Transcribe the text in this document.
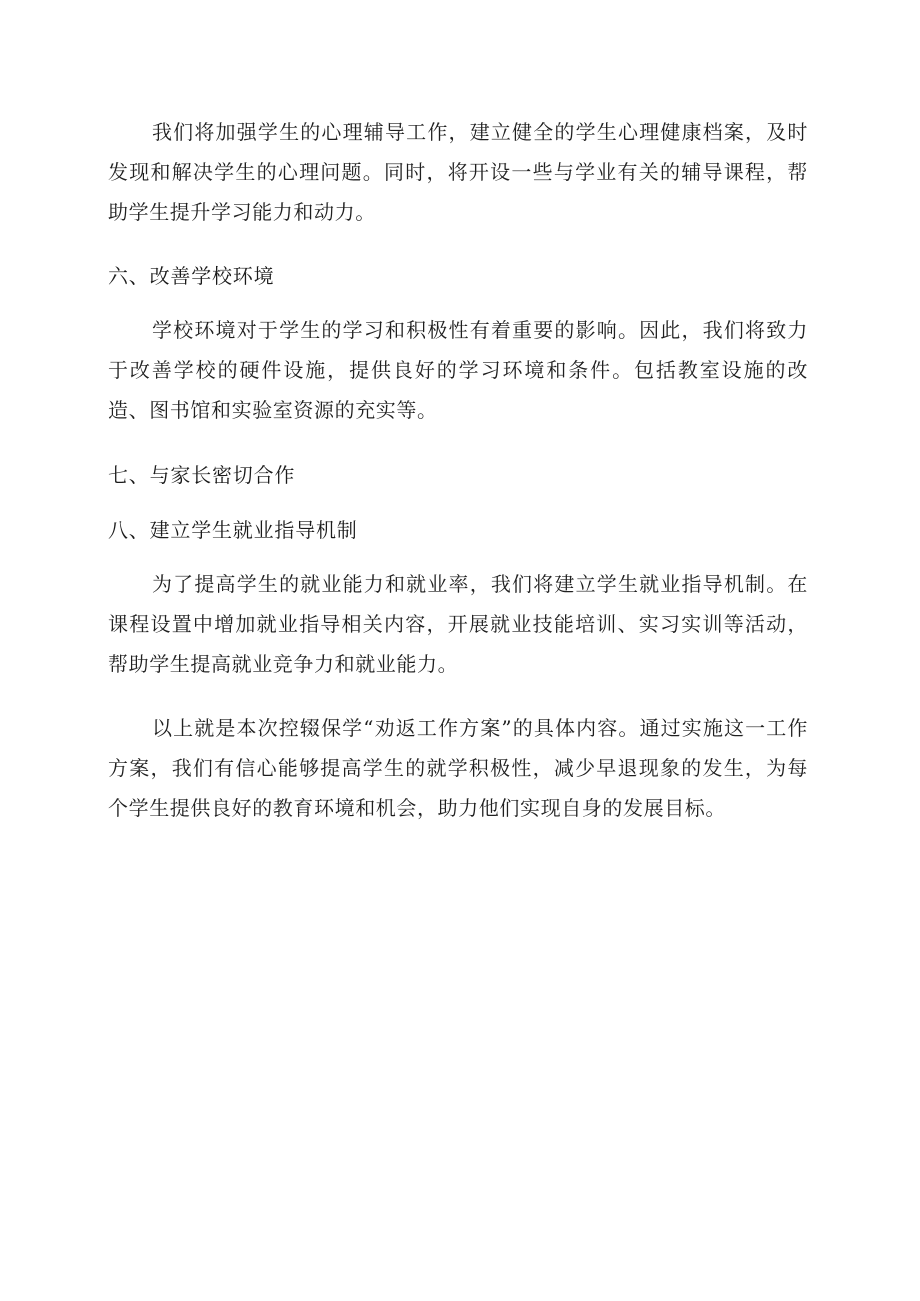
我们将加强学生的心理辅导工作，建立健全的学生心理健康档案，及时发现和解决学生的心理问题。同时，将开设一些与学业有关的辅导课程，帮助学生提升学习能力和动力。

六、改善学校环境

学校环境对于学生的学习和积极性有着重要的影响。因此，我们将致力于改善学校的硬件设施，提供良好的学习环境和条件。包括教室设施的改造、图书馆和实验室资源的充实等。

七、与家长密切合作
八、建立学生就业指导机制

为了提高学生的就业能力和就业率，我们将建立学生就业指导机制。在课程设置中增加就业指导相关内容，开展就业技能培训、实习实训等活动，帮助学生提高就业竞争力和就业能力。

以上就是本次控辍保学“劝返工作方案”的具体内容。通过实施这一工作方案，我们有信心能够提高学生的就学积极性，减少早退现象的发生，为每个学生提供良好的教育环境和机会，助力他们实现自身的发展目标。
